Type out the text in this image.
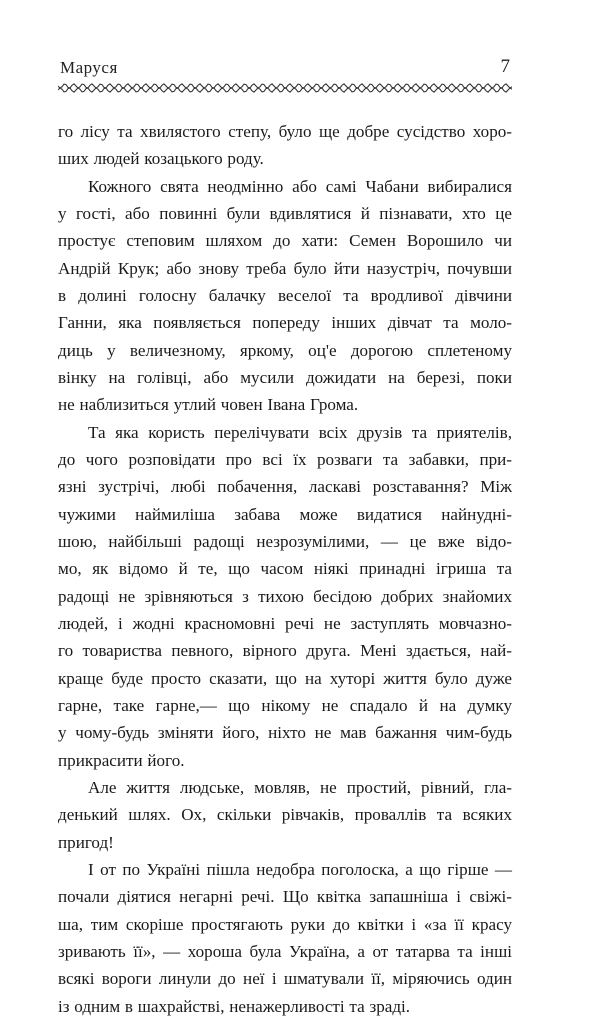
Маруся	7
го лісу та хвилястого степу, було ще добре сусідство хоро-
ших людей козацького роду.
Кожного свята неодмінно або самі Чабани вибиралися
у гості, або повинні були вдивлятися й пізнавати, хто це
простує степовим шляхом до хати: Семен Ворошило чи
Андрій Крук; або знову треба було йти назустріч, почувши
в долині голосну балачку веселої та вродливої дівчини
Ганни, яка появляється попереду інших дівчат та моло-
диць у величезному, яркому, оц'е дорогою сплетеному
вінку на голівці, або мусили дожидати на березі, поки
не наблизиться утлий човен Івана Грома.
Та яка користь перелічувати всіх друзів та приятелів,
до чого розповідати про всі їх розваги та забавки, при-
язні зустрічі, любі побачення, ласкаві розставання? Між
чужими наймиліша забава може видатися найнудні-
шою, найбільші радощі незрозумілими, — це вже відо-
мо, як відомо й те, що часом ніякі принадні ігриша та
радощі не зрівняються з тихою бесідою добрих знайомих
людей, і жодні красномовні речі не заступлять мовчазно-
го товариства певного, вірного друга. Мені здається, най-
краще буде просто сказати, що на хуторі життя було дуже
гарне, таке гарне,— що нікому не спадало й на думку
у чому-будь зміняти його, ніхто не мав бажання чим-будь
прикрасити його.
Але життя людське, мовляв, не простий, рівний, гла-
денький шлях. Ох, скільки рівчаків, проваллів та всяких
пригод!
І от по Україні пішла недобра поголоска, а що гірше —
почали діятися негарні речі. Що квітка запашніша і свіжі-
ша, тим скоріше простягають руки до квітки і «за її красу
зривають її», — хороша була Україна, а от татарва та інші
всякі вороги линули до неї і шматували її, міряючись один
із одним в шахрайстві, ненажерливості та зраді.
